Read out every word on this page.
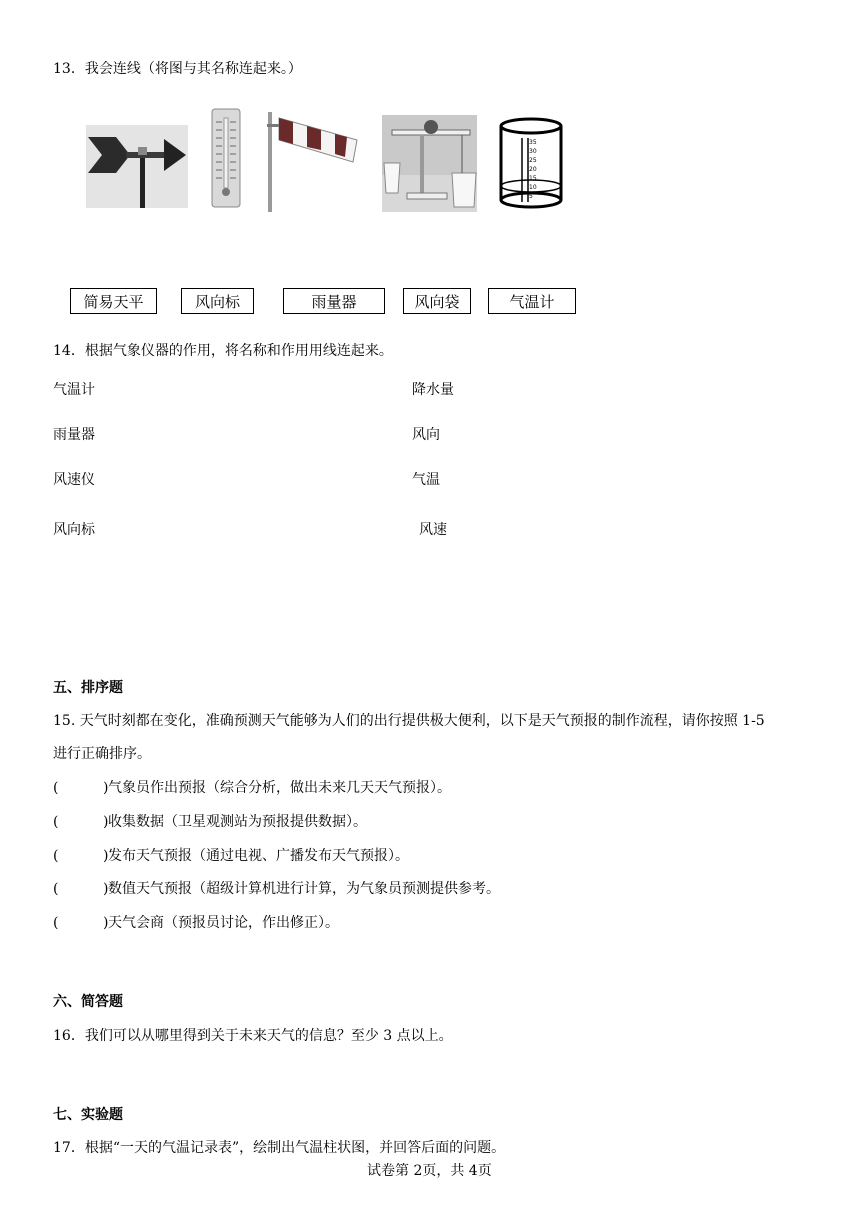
13．我会连线（将图与其名称连起来。）
35
30
25
20
15
10
5
简易天平	风向标	雨量器	风向袋	气温计
14．根据气象仪器的作用，将名称和作用用线连起来。
气温计
雨量器
风速仪
风向标
降水量
风向
气温
风速
五、排序题
15. 天气时刻都在变化，准确预测天气能够为人们的出行提供极大便利，以下是天气预报的制作流程，请你按照 1-5
进行正确排序。
(	) 气象员作出预报（综合分析，做出未来几天天气预报）。
(	) 收集数据（卫星观测站为预报提供数据）。
(	) 发布天气预报（通过电视、广播发布天气预报）。
(	) 数值天气预报（超级计算机进行计算，为气象员预测提供参考。
(	) 天气会商（预报员讨论，作出修正）。
六、简答题
16．我们可以从哪里得到关于未来天气的信息？至少 3 点以上。
七、实验题
17．根据“一天的气温记录表”，绘制出气温柱状图，并回答后面的问题。
试卷第 2页，共 4页
